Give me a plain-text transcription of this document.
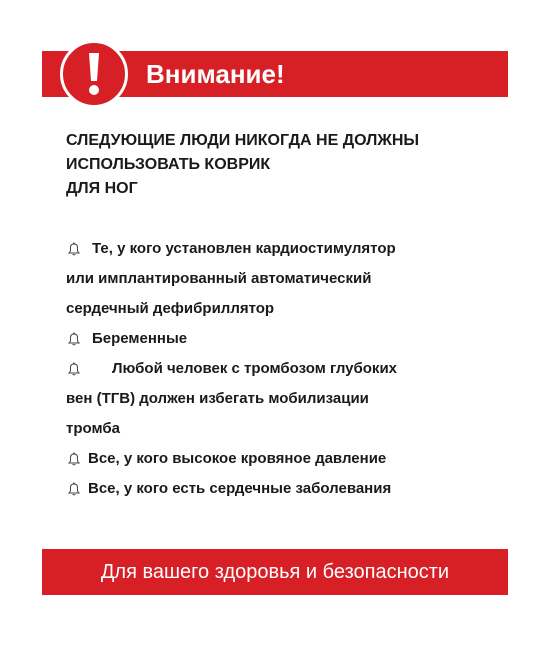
Внимание!
СЛЕДУЮЩИЕ ЛЮДИ НИКОГДА НЕ ДОЛЖНЫ
ИСПОЛЬЗОВАТЬ КОВРИК
ДЛЯ НОГ
Те, у кого установлен кардиостимулятор
или имплантированный автоматический
сердечный дефибриллятор
Беременные
Любой человек с тромбозом глубоких
вен (ТГВ) должен избегать мобилизации
тромба
Все, у кого высокое кровяное давление
Все, у кого есть сердечные заболевания
Для вашего здоровья и безопасности
